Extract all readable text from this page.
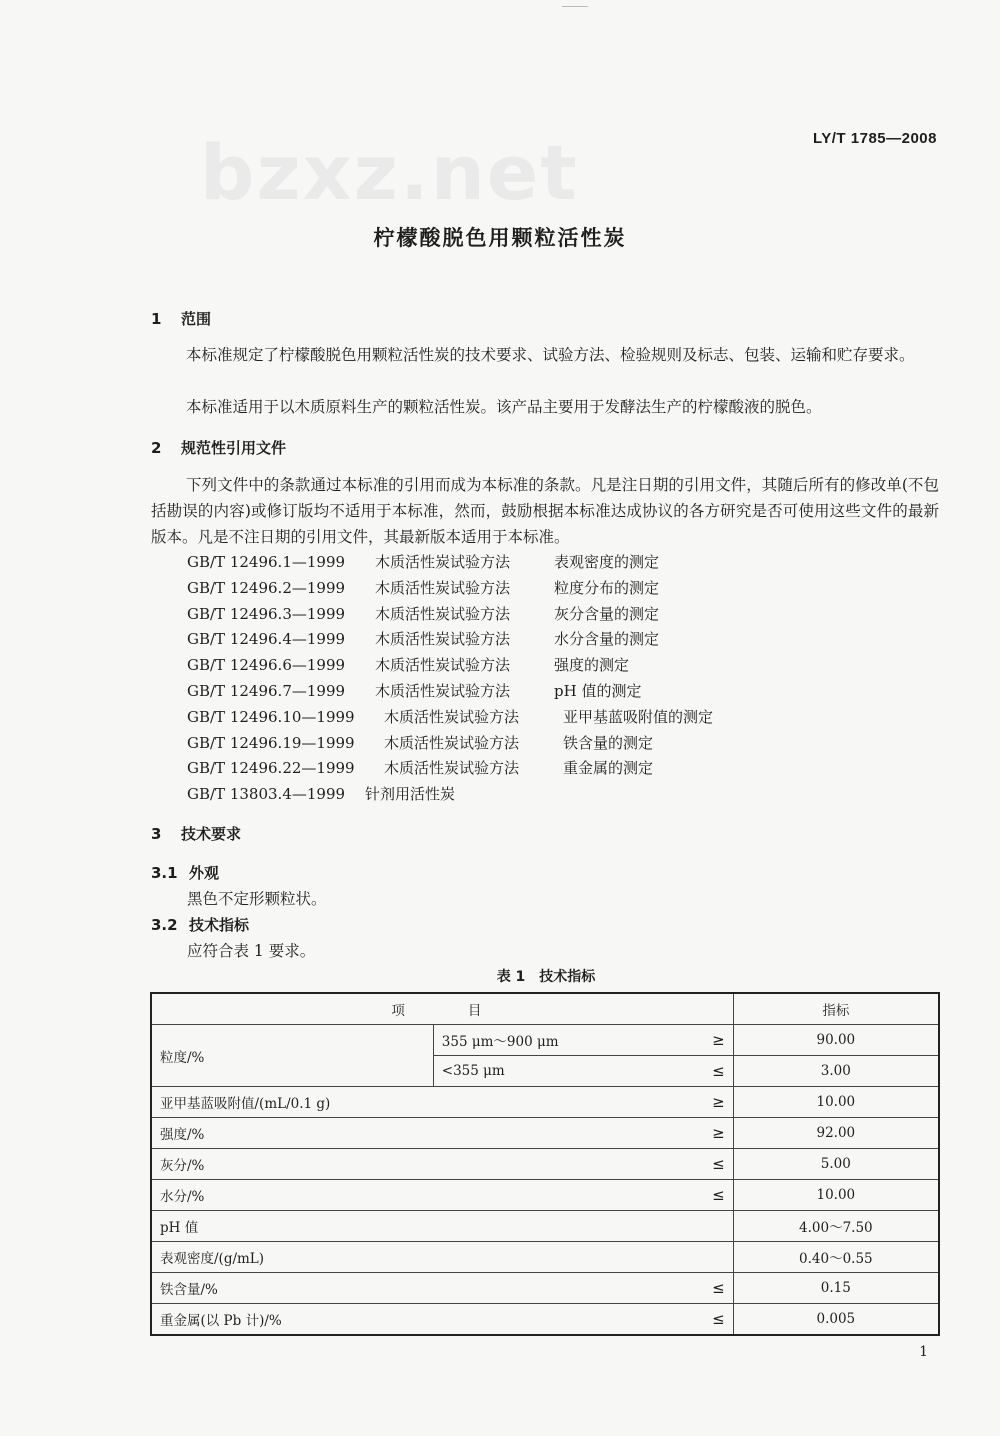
bzxz.net	LY/T 1785—2008
柠檬酸脱色用颗粒活性炭
1 范围
本标准规定了柠檬酸脱色用颗粒活性炭的技术要求、试验方法、检验规则及标志、包装、运输和贮存要求。
本标准适用于以木质原料生产的颗粒活性炭。该产品主要用于发酵法生产的柠檬酸液的脱色。
2 规范性引用文件
下列文件中的条款通过本标准的引用而成为本标准的条款。凡是注日期的引用文件，其随后所有的修改单(不包括勘误的内容)或修订版均不适用于本标准，然而，鼓励根据本标准达成协议的各方研究是否可使用这些文件的最新版本。凡是不注日期的引用文件，其最新版本适用于本标准。
GB/T 12496.1—1999 木质活性炭试验方法	表观密度的测定
GB/T 12496.2—1999 木质活性炭试验方法	粒度分布的测定
GB/T 12496.3—1999 木质活性炭试验方法	灰分含量的测定
GB/T 12496.4—1999 木质活性炭试验方法	水分含量的测定
GB/T 12496.6—1999 木质活性炭试验方法	强度的测定
GB/T 12496.7—1999 木质活性炭试验方法	pH 值的测定
GB/T 12496.10—1999 木质活性炭试验方法	亚甲基蓝吸附值的测定
GB/T 12496.19—1999 木质活性炭试验方法	铁含量的测定
GB/T 12496.22—1999 木质活性炭试验方法	重金属的测定
GB/T 13803.4—1999 针剂用活性炭
3 技术要求
3.1 外观
黑色不定形颗粒状。
3.2 技术指标
应符合表 1 要求。
表 1　技术指标
项　　目			指标
粒度/%	355 μm～900 μm	≥	90.00
	<355 μm	≤	3.00
亚甲基蓝吸附值/(mL/0.1 g)		≥	10.00
强度/%		≥	92.00
灰分/%		≤	5.00
水分/%		≤	10.00
pH 值			4.00～7.50
表观密度/(g/mL)			0.40～0.55
铁含量/%		≤	0.15
重金属(以 Pb 计)/%		≤	0.005
1
